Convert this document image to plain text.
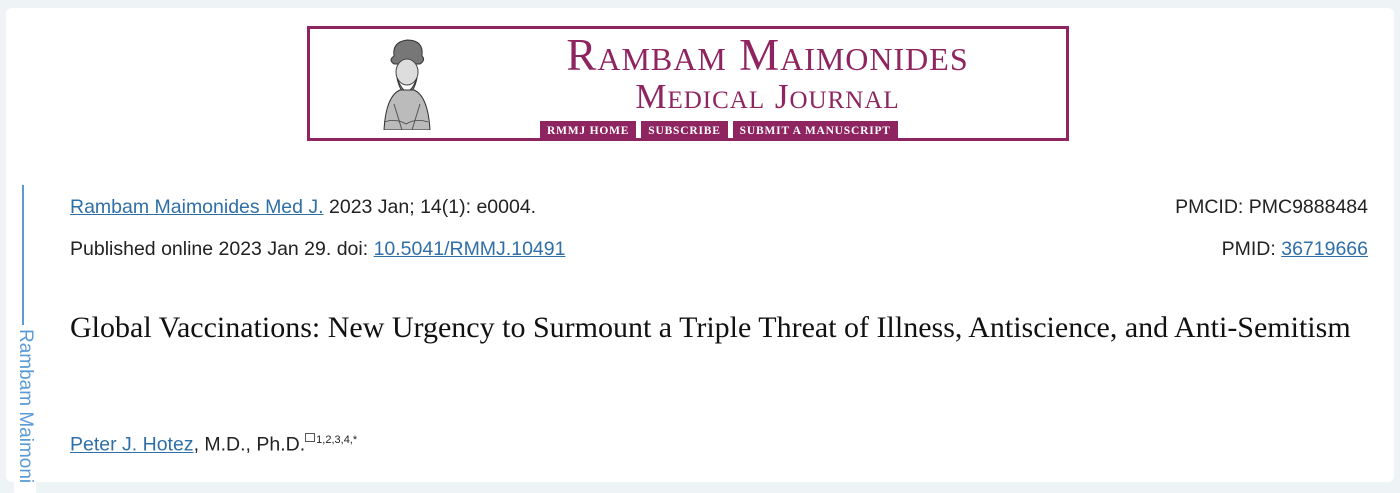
Rambam Maimonides
Medical Journal
RMMJ HOME	SUBSCRIBE	SUBMIT A MANUSCRIPT
Rambam Maimoni
Rambam Maimonides Med J. 2023 Jan; 14(1): e0004.	PMCID: PMC9888484
Published online 2023 Jan 29. doi: 10.5041/RMMJ.10491	PMID: 36719666
Global Vaccinations: New Urgency to Surmount a Triple Threat of Illness, Antiscience, and Anti-Semitism
Peter J. Hotez, M.D., Ph.D. $^{1,2,3,4,*}$
